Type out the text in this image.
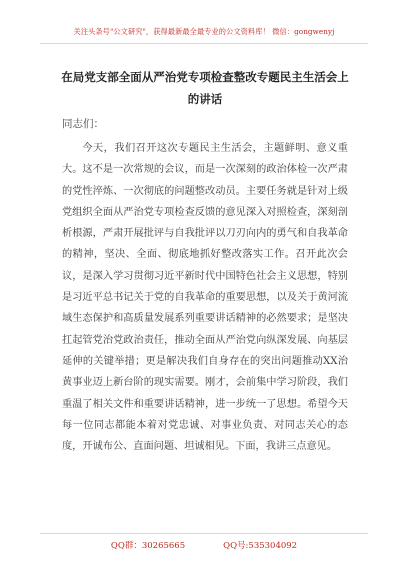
关注头条号"公文研究"，获得最新最全最专业的公文资料库！ 微信：gongwenyj
在局党支部全面从严治党专项检查整改专题民主生活会上的讲话
同志们：

今天，我们召开这次专题民主生活会，主题鲜明、意义重大。这不是一次常规的会议，而是一次深刻的政治体检一次严肃的党性淬炼、一次彻底的问题整改动员。主要任务就是针对上级党组织全面从严治党专项检查反馈的意见深入对照检查，深刻剖析根源，严肃开展批评与自我批评以刀刃向内的勇气和自我革命的精神，坚决、全面、彻底地抓好整改落实工作。召开此次会议，是深入学习贯彻习近平新时代中国特色社会主义思想，特别是习近平总书记关于党的自我革命的重要思想，以及关于黄河流域生态保护和高质量发展系列重要讲话精神的必然要求；是坚决扛起管党治党政治责任，推动全面从严治党向纵深发展、向基层延伸的关键举措；更是解决我们自身存在的突出问题推动XX治黄事业迈上新台阶的现实需要。刚才，会前集中学习阶段，我们重温了相关文件和重要讲话精神，进一步统一了思想。希望今天每一位同志都能本着对党忠诚、对事业负责、对同志关心的态度，开诚布公、直面问题、坦诚相见。下面，我讲三点意见。

QQ群：30265665	QQ号:535304092
